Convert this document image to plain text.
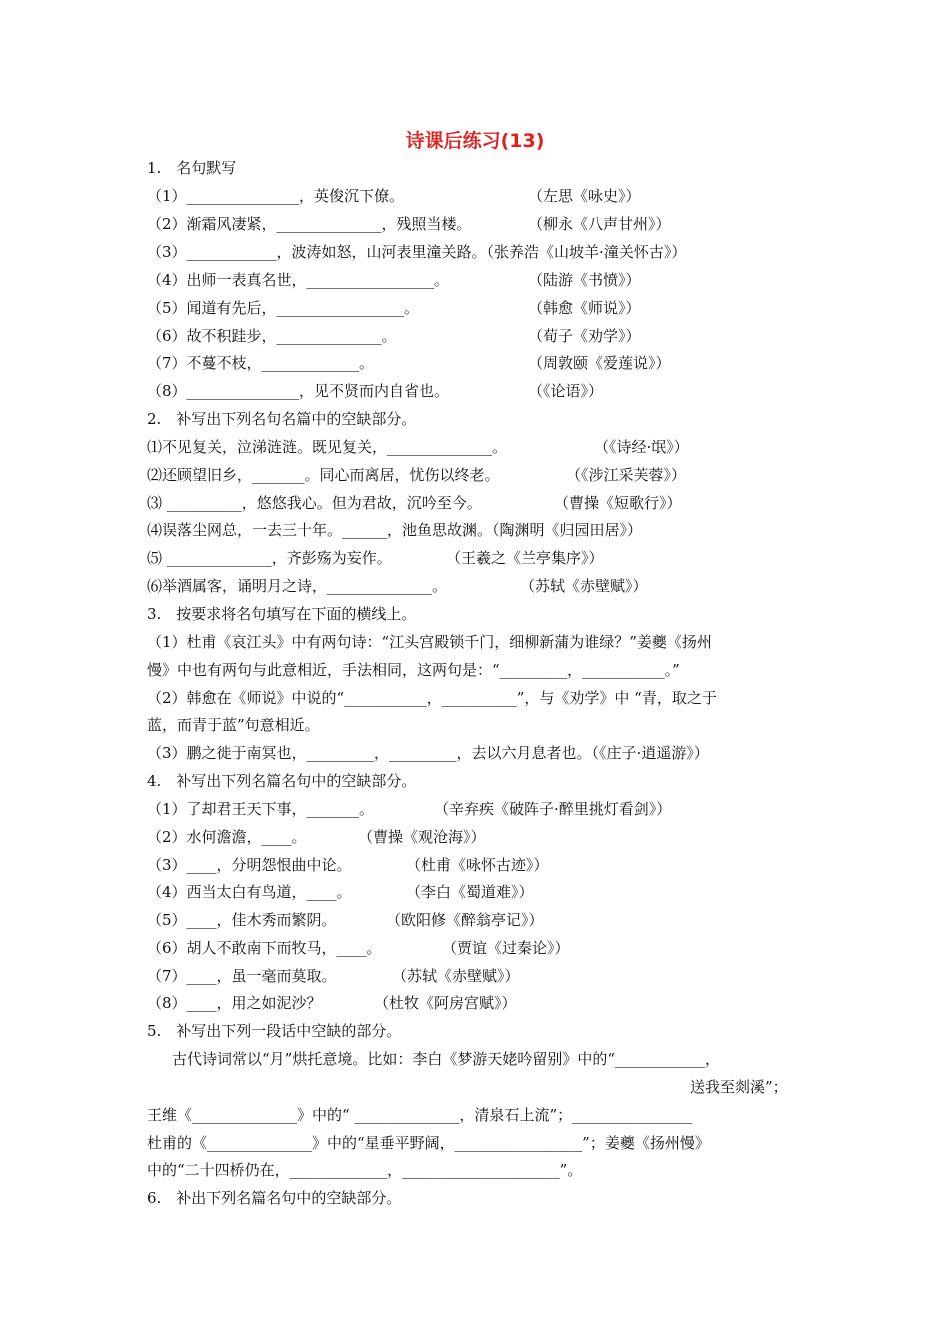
诗课后练习(13)
1.　名句默写
（1）_______________，英俊沉下僚。	（左思《咏史》）
（2）渐霜风凄紧，______________，残照当楼。	（柳永《八声甘州》）
（3）____________，波涛如怒，山河表里潼关路。（张养浩《山坡羊·潼关怀古》）
（4）出师一表真名世，_________________。	（陆游《书愤》）
（5）闻道有先后，_________________。	（韩愈《师说》）
（6）故不积跬步，______________。	（荀子《劝学》）
（7）不蔓不枝，_____________。	（周敦颐《爱莲说》）
（8）_______________，见不贤而内自省也。	（《论语》）
2.　补写出下列名句名篇中的空缺部分。
⑴不见复关，泣涕涟涟。既见复关，______________。	（《诗经·氓》）
⑵还顾望旧乡，_______。同心而离居，忧伤以终老。	（《涉江采芙蓉》）
⑶ __________，悠悠我心。但为君故，沉吟至今。	（曹操《短歌行》）
⑷误落尘网总，一去三十年。______，池鱼思故渊。（陶渊明《归园田居》）
⑸ ______________，齐彭殇为妄作。	（王羲之《兰亭集序》）
⑹举酒属客，诵明月之诗，______________。	（苏轼《赤壁赋》）
3.　按要求将名句填写在下面的横线上。
（1）杜甫《哀江头》中有两句诗：“江头宫殿锁千门，细柳新蒲为谁绿？”姜夔《扬州
慢》中也有两句与此意相近，手法相同，这两句是：“_________，___________。”
（2）韩愈在《师说》中说的“___________，__________”，与《劝学》中 “青，取之于
蓝，而青于蓝”句意相近。
（3）鹏之徙于南冥也，_________，_________，去以六月息者也。（《庄子·逍遥游》）
4.　补写出下列名篇名句中的空缺部分。
（1）了却君王天下事，_______。	（辛弃疾《破阵子·醉里挑灯看剑》）
（2）水何澹澹，____。	（曹操《观沧海》）
（3）____，分明怨恨曲中论。	（杜甫《咏怀古迹》）
（4）西当太白有鸟道，____。	（李白《蜀道难》）
（5）____，佳木秀而繁阴。	（欧阳修《醉翁亭记》）
（6）胡人不敢南下而牧马，____。	（贾谊《过秦论》）
（7）____，虽一毫而莫取。	（苏轼《赤壁赋》）
（8）____，用之如泥沙？	（杜牧《阿房宫赋》）
5.　补写出下列一段话中空缺的部分。
古代诗词常以“月”烘托意境。比如：李白《梦游天姥吟留别》中的“____________，
送我至剡溪”；
王维《______________》中的“ ______________，清泉石上流”；________________
杜甫的《______________》中的“星垂平野阔，_________________”；姜夔《扬州慢》
中的“二十四桥仍在，_____________，_____________________”。
6.　补出下列名篇名句中的空缺部分。
